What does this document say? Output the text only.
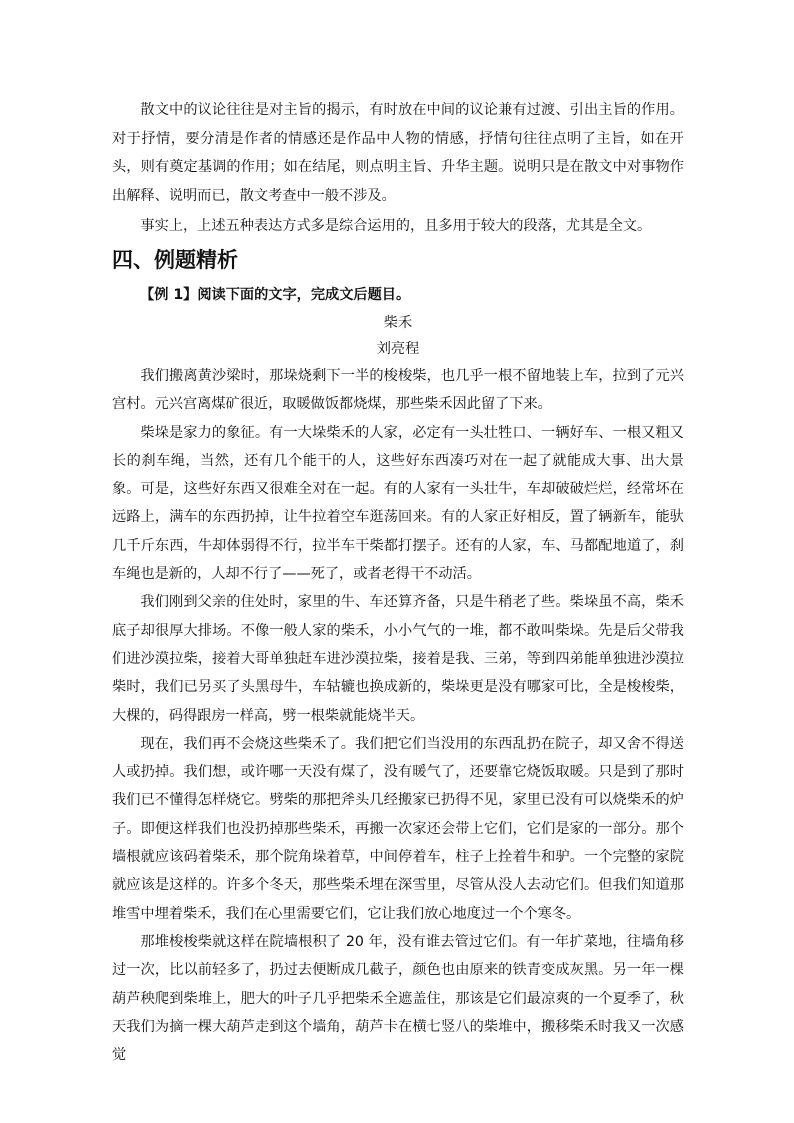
散文中的议论往往是对主旨的揭示，有时放在中间的议论兼有过渡、引出主旨的作用。对于抒情，要分清是作者的情感还是作品中人物的情感，抒情句往往点明了主旨，如在开头，则有奠定基调的作用；如在结尾，则点明主旨、升华主题。说明只是在散文中对事物作出解释、说明而已，散文考查中一般不涉及。

事实上，上述五种表达方式多是综合运用的，且多用于较大的段落，尤其是全文。

四、例题精析
【例 1】阅读下面的文字，完成文后题目。
柴禾
刘亮程

我们搬离黄沙梁时，那垛烧剩下一半的梭梭柴，也几乎一根不留地装上车，拉到了元兴宫村。元兴宫离煤矿很近，取暖做饭都烧煤，那些柴禾因此留了下来。

柴垛是家力的象征。有一大垛柴禾的人家，必定有一头壮牲口、一辆好车、一根又粗又长的刹车绳，当然，还有几个能干的人，这些好东西凑巧对在一起了就能成大事、出大景象。可是，这些好东西又很难全对在一起。有的人家有一头壮牛，车却破破烂烂，经常坏在远路上，满车的东西扔掉，让牛拉着空车逛荡回来。有的人家正好相反，置了辆新车，能驮几千斤东西，牛却体弱得不行，拉半车干柴都打摆子。还有的人家，车、马都配地道了，刹车绳也是新的，人却不行了——死了，或者老得干不动活。

我们刚到父亲的住处时，家里的牛、车还算齐备，只是牛稍老了些。柴垛虽不高，柴禾底子却很厚大排场。不像一般人家的柴禾，小小气气的一堆，都不敢叫柴垛。先是后父带我们进沙漠拉柴，接着大哥单独赶车进沙漠拉柴，接着是我、三弟，等到四弟能单独进沙漠拉柴时，我们已另买了头黑母牛，车轱辘也换成新的，柴垛更是没有哪家可比，全是梭梭柴，大棵的，码得跟房一样高，劈一根柴就能烧半天。

现在，我们再不会烧这些柴禾了。我们把它们当没用的东西乱扔在院子，却又舍不得送人或扔掉。我们想，或许哪一天没有煤了，没有暖气了，还要靠它烧饭取暖。只是到了那时我们已不懂得怎样烧它。劈柴的那把斧头几经搬家已扔得不见，家里已没有可以烧柴禾的炉子。即便这样我们也没扔掉那些柴禾，再搬一次家还会带上它们，它们是家的一部分。那个墙根就应该码着柴禾，那个院角垛着草，中间停着车，柱子上拴着牛和驴。一个完整的家院就应该是这样的。许多个冬天，那些柴禾埋在深雪里，尽管从没人去动它们。但我们知道那堆雪中埋着柴禾，我们在心里需要它们，它让我们放心地度过一个个寒冬。

那堆梭梭柴就这样在院墙根积了 20 年，没有谁去管过它们。有一年扩菜地，往墙角移过一次，比以前轻多了，扔过去便断成几截子，颜色也由原来的铁青变成灰黑。另一年一棵葫芦秧爬到柴堆上，肥大的叶子几乎把柴禾全遮盖住，那该是它们最凉爽的一个夏季了，秋天我们为摘一棵大葫芦走到这个墙角，葫芦卡在横七竖八的柴堆中，搬移柴禾时我又一次感觉
